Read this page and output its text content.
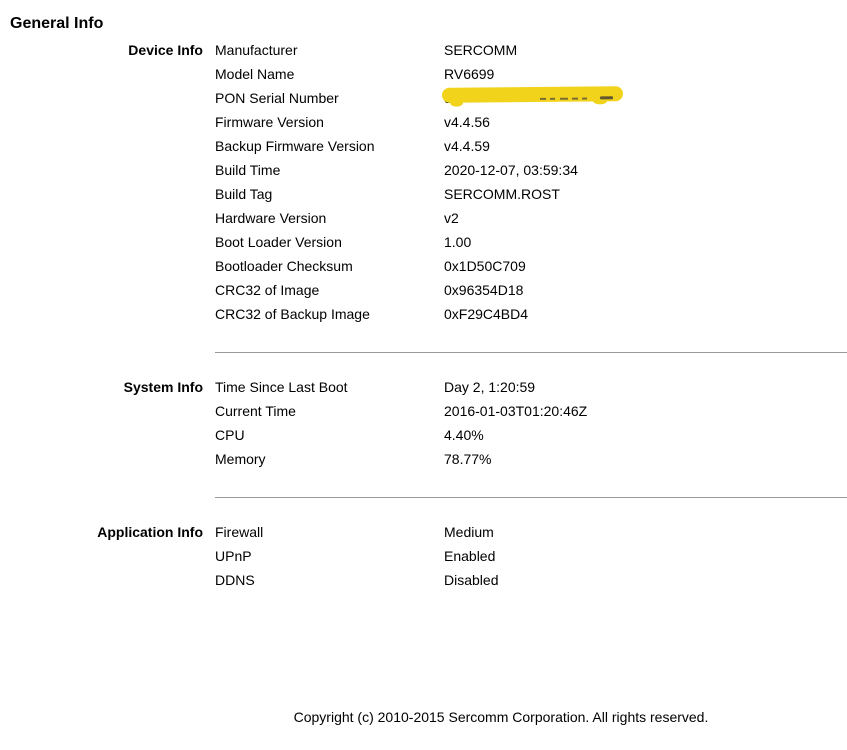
General Info
Device Info Manufacturer	SERCOMM
Model Name	RV6699
PON Serial Number
Firmware Version	v4.4.56
Backup Firmware Version	v4.4.59
Build Time	2020-12-07, 03:59:34
Build Tag	SERCOMM.ROST
Hardware Version	v2
Boot Loader Version	1.00
Bootloader Checksum	0x1D50C709
CRC32 of Image	0x96354D18
CRC32 of Backup Image	0xF29C4BD4
System Info Time Since Last Boot	Day 2, 1:20:59
Current Time	2016-01-03T01:20:46Z
CPU	4.40%
Memory	78.77%
Application Info Firewall	Medium
UPnP	Enabled
DDNS	Disabled
Copyright (c) 2010-2015 Sercomm Corporation. All rights reserved.
